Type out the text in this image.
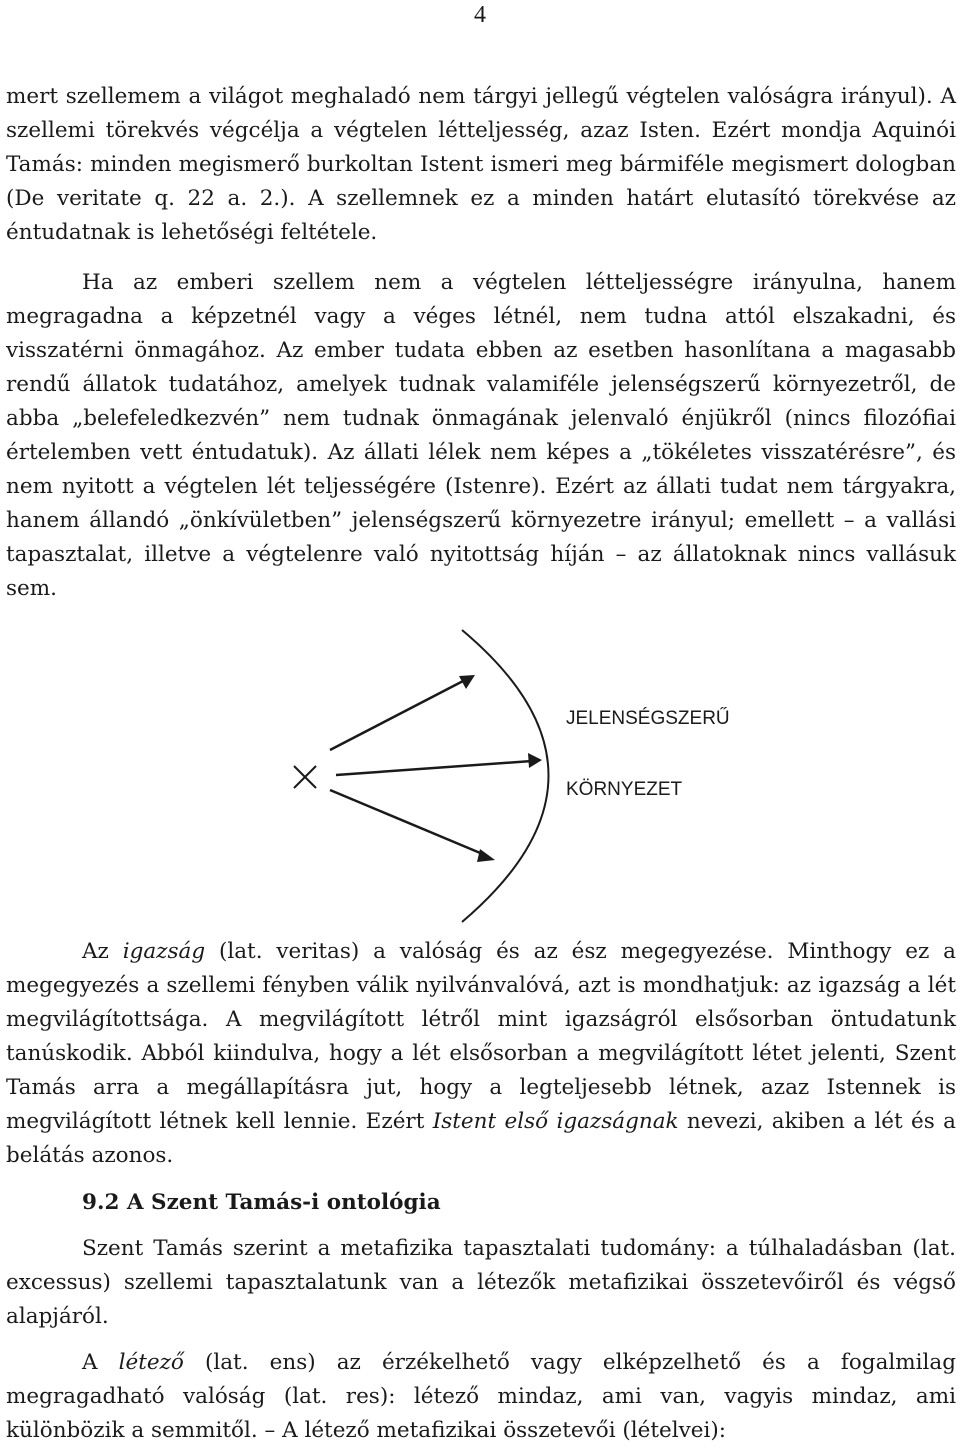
4

mert szellemem a világot meghaladó nem tárgyi jellegű végtelen valóságra irányul). A szellemi törekvés végcélja a végtelen létteljesség, azaz Isten. Ezért mondja Aquinói Tamás: minden megismerő burkoltan Istent ismeri meg bármiféle megismert dologban (De veritate q. 22 a. 2.). A szellemnek ez a minden határt elutasító törekvése az éntudatnak is lehetőségi feltétele.

Ha az emberi szellem nem a végtelen létteljességre irányulna, hanem megragadna a képzetnél vagy a véges létnél, nem tudna attól elszakadni, és visszatérni önmagához. Az ember tudata ebben az esetben hasonlítana a magasabb rendű állatok tudatához, amelyek tudnak valamiféle jelenségszerű környezetről, de abba „belefeledkezvén” nem tudnak önmagának jelenvaló énjükről (nincs filozófiai értelemben vett éntudatuk). Az állati lélek nem képes a „tökéletes visszatérésre”, és nem nyitott a végtelen lét teljességére (Istenre). Ezért az állati tudat nem tárgyakra, hanem állandó „önkívületben” jelenségszerű környezetre irányul; emellett – a vallási tapasztalat, illetve a végtelenre való nyitottság híján – az állatoknak nincs vallásuk sem.

JELENSÉGSZERŰ
KÖRNYEZET

Az igazság (lat. veritas) a valóság és az ész megegyezése. Minthogy ez a megegyezés a szellemi fényben válik nyilvánvalóvá, azt is mondhatjuk: az igazság a lét megvilágítottsága. A megvilágított létről mint igazságról elsősorban öntudatunk tanúskodik. Abból kiindulva, hogy a lét elsősorban a megvilágított létet jelenti, Szent Tamás arra a megállapításra jut, hogy a legteljesebb létnek, azaz Istennek is megvilágított létnek kell lennie. Ezért Istent első igazságnak nevezi, akiben a lét és a belátás azonos.

9.2 A Szent Tamás-i ontológia

Szent Tamás szerint a metafizika tapasztalati tudomány: a túlhaladásban (lat. excessus) szellemi tapasztalatunk van a létezők metafizikai összetevőiről és végső alapjáról.

A létező (lat. ens) az érzékelhető vagy elképzelhető és a fogalmilag megragadható valóság (lat. res): létező mindaz, ami van, vagyis mindaz, ami különbözik a semmitől. – A létező metafizikai összetevői (lételvei):
